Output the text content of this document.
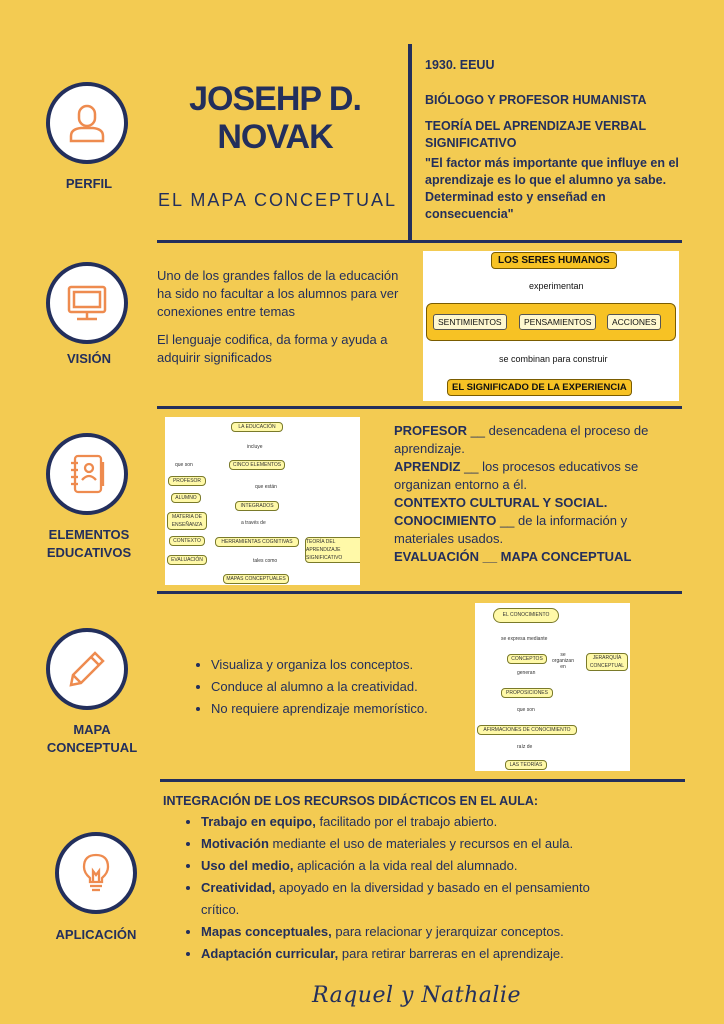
PERFIL
JOSEHP D.
NOVAK
EL MAPA CONCEPTUAL
1930. EEUU
BIÓLOGO Y PROFESOR HUMANISTA
TEORÍA DEL APRENDIZAJE VERBAL SIGNIFICATIVO
"El factor más importante que influye en el aprendizaje es lo que el alumno ya sabe. Determinad esto y enseñad en consecuencia"
VISIÓN
Uno de los grandes fallos de la educación ha sido no facultar a los alumnos para ver conexiones entre temas
El lenguaje codifica, da forma y ayuda a adquirir significados
LOS SERES HUMANOS
experimentan
SENTIMIENTOS	PENSAMIENTOS	ACCIONES
se combinan para construir
EL SIGNIFICADO DE LA EXPERIENCIA
ELEMENTOS
EDUCATIVOS
LA EDUCACIÓN
incluye
CINCO ELEMENTOS
que son
PROFESOR
ALUMNO
MATERIA DE ENSEÑANZA
CONTEXTO
EVALUACIÓN
que están
INTEGRADOS
a través de
HERRAMIENTAS COGNITIVAS	TEORÍA DEL APRENDIZAJE SIGNIFICATIVO
tales como
MAPAS CONCEPTUALES
PROFESOR __ desencadena el proceso de aprendizaje.
APRENDIZ __ los procesos educativos se organizan entorno a él.
CONTEXTO CULTURAL Y SOCIAL.
CONOCIMIENTO __ de la información y materiales usados.
EVALUACIÓN __ MAPA CONCEPTUAL
MAPA
CONCEPTUAL
• Visualiza y organiza los conceptos.
• Conduce al alumno a la creatividad.
• No requiere aprendizaje memorístico.
EL CONOCIMIENTO
se expresa mediante
CONCEPTOS
se organizan en
JERARQUÍA CONCEPTUAL
generan
PROPOSICIONES
que son
AFIRMACIONES DE CONOCIMIENTO
raíz de
LAS TEORÍAS
APLICACIÓN
INTEGRACIÓN DE LOS RECURSOS DIDÁCTICOS EN EL AULA:
• Trabajo en equipo, facilitado por el trabajo abierto.
• Motivación mediante el uso de materiales y recursos en el aula.
• Uso del medio, aplicación a la vida real del alumnado.
• Creatividad, apoyado en la diversidad y basado en el pensamiento crítico.
• Mapas conceptuales, para relacionar y jerarquizar conceptos.
• Adaptación curricular, para retirar barreras en el aprendizaje.
Raquel y Nathalie
